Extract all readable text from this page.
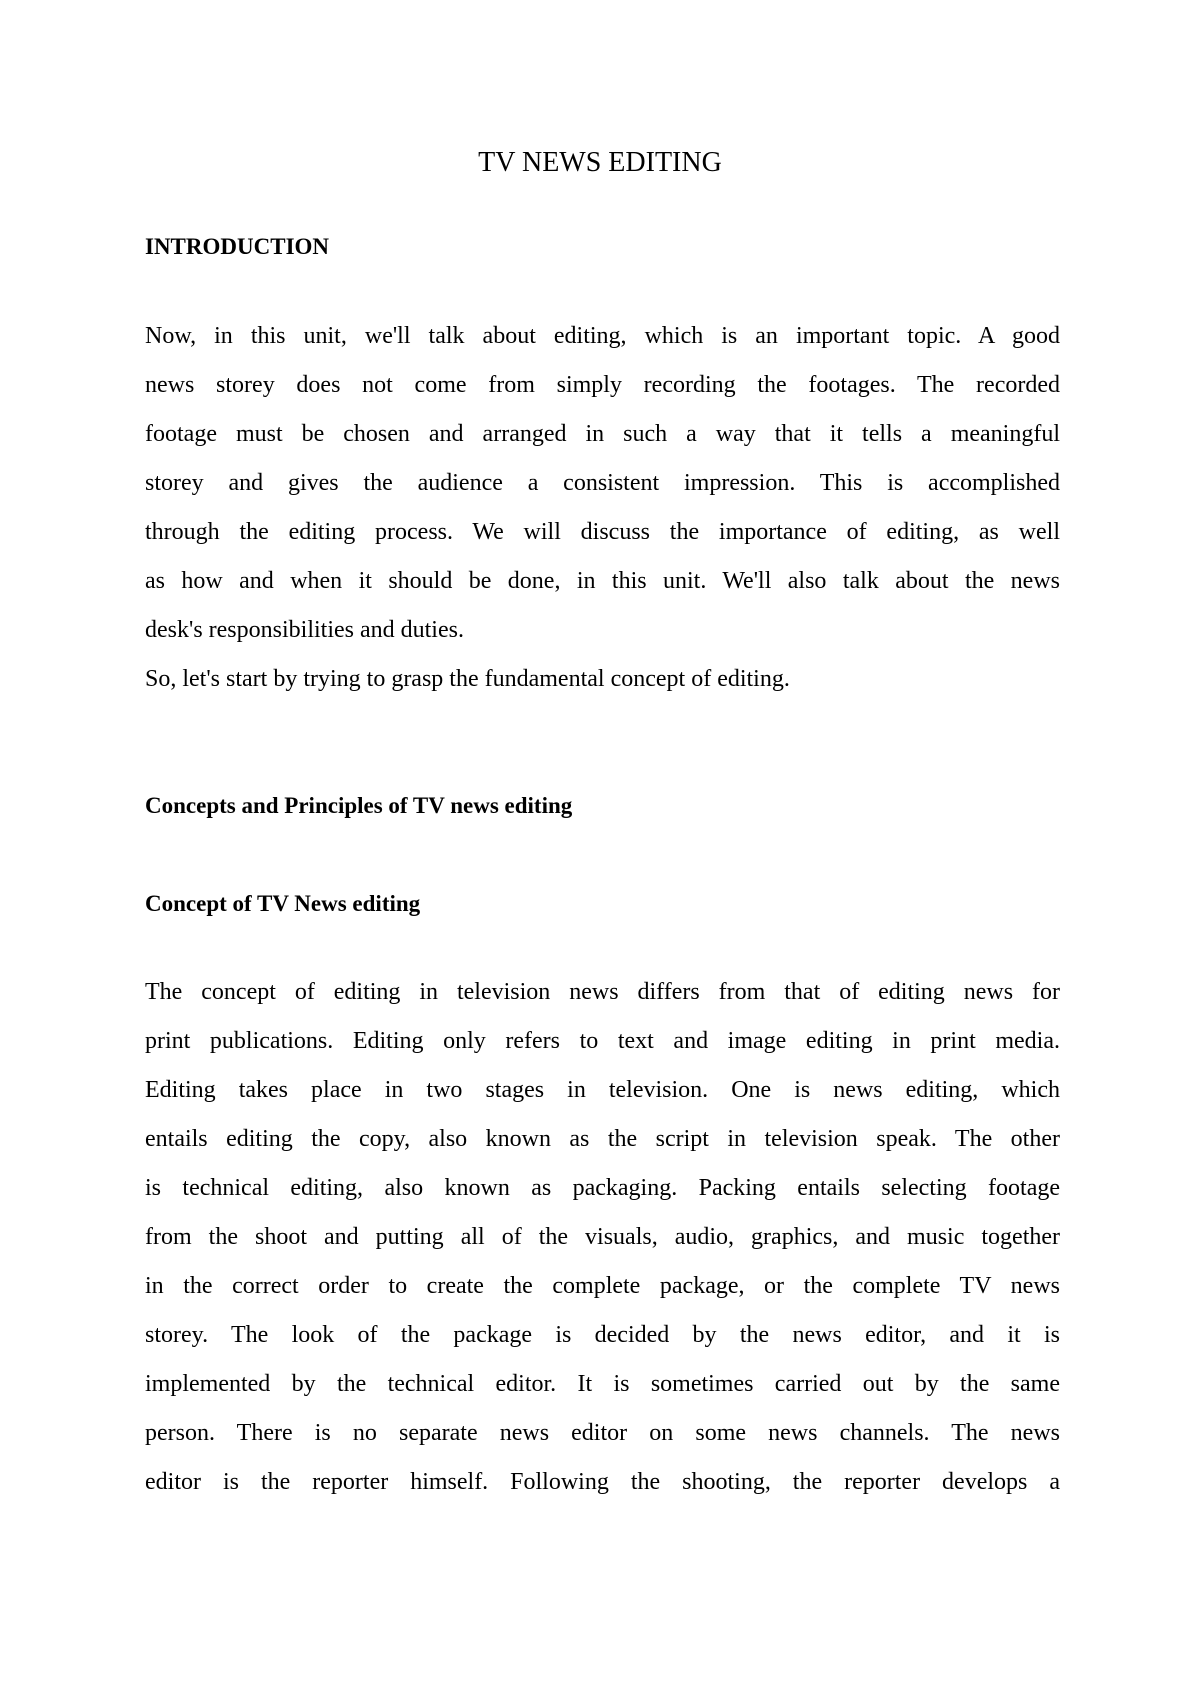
TV NEWS EDITING
INTRODUCTION
Now, in this unit, we'll talk about editing, which is an important topic. A good
news storey does not come from simply recording the footages. The recorded
footage must be chosen and arranged in such a way that it tells a meaningful
storey and gives the audience a consistent impression. This is accomplished
through the editing process. We will discuss the importance of editing, as well
as how and when it should be done, in this unit. We'll also talk about the news
desk's responsibilities and duties.
So, let's start by trying to grasp the fundamental concept of editing.
Concepts and Principles of TV news editing
Concept of TV News editing
The concept of editing in television news differs from that of editing news for
print publications. Editing only refers to text and image editing in print media.
Editing takes place in two stages in television. One is news editing, which
entails editing the copy, also known as the script in television speak. The other
is technical editing, also known as packaging. Packing entails selecting footage
from the shoot and putting all of the visuals, audio, graphics, and music together
in the correct order to create the complete package, or the complete TV news
storey. The look of the package is decided by the news editor, and it is
implemented by the technical editor. It is sometimes carried out by the same
person. There is no separate news editor on some news channels. The news
editor is the reporter himself. Following the shooting, the reporter develops a
